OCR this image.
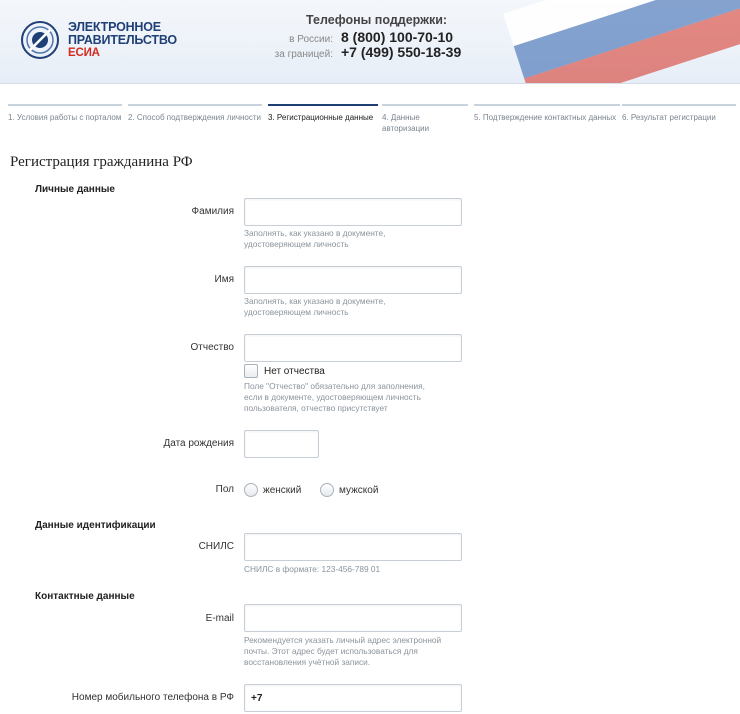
ЭЛЕКТРОННОЕ
ПРАВИТЕЛЬСТВО
ЕСИА
Телефоны поддержки:
в России: 8 (800) 100-70-10
за границей: +7 (499) 550-18-39
1. Условия работы с порталом 2. Способ подтверждения личности 3. Регистрационные данные	4. Данные авторизации
5. Подтверждение контактных данных 6. Результат регистрации
Регистрация гражданина РФ
Личные данные
Фамилия
Заполнять, как указано в документе, удостоверяющем личность
Имя
Заполнять, как указано в документе, удостоверяющем личность
Отчество
Нет отчества
Поле "Отчество" обязательно для заполнения, если в документе, удостоверяющем личность пользователя, отчество присутствует
Дата рождения
Пол	женский	мужской
Данные идентификации
СНИЛС
СНИЛС в формате: 123-456-789 01
Контактные данные
E-mail
Рекомендуется указать личный адрес электронной почты. Этот адрес будет использоваться для восстановления учётной записи.
Номер мобильного телефона в РФ
+7
